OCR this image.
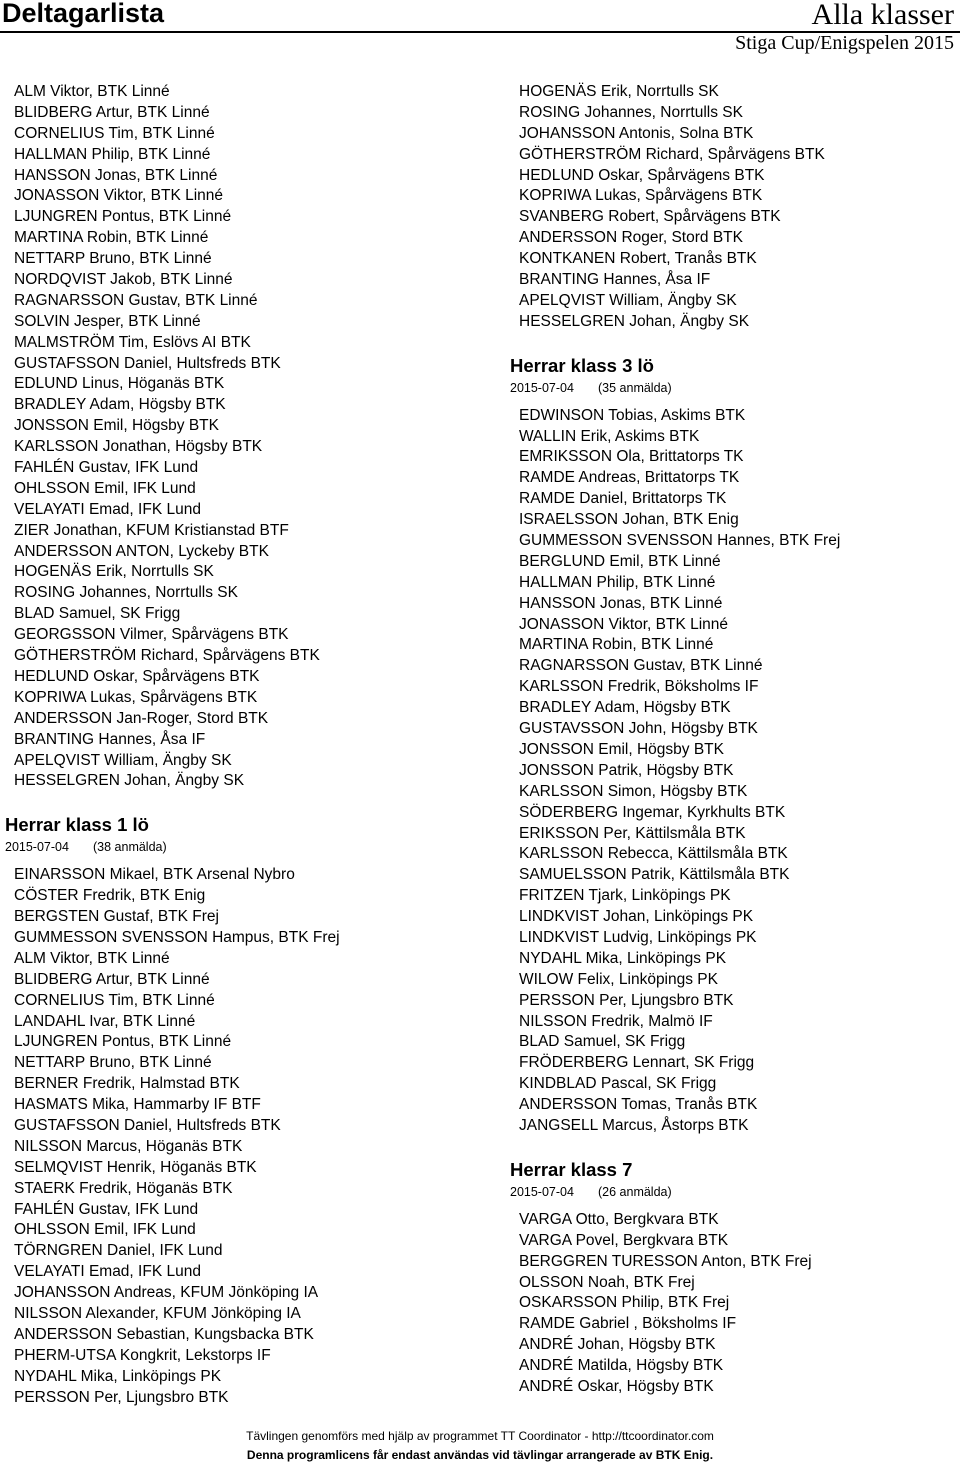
Deltagarlista	Alla klasser
Stiga Cup/Enigspelen 2015
ALM Viktor, BTK Linné
BLIDBERG Artur, BTK Linné
CORNELIUS Tim, BTK Linné
HALLMAN Philip, BTK Linné
HANSSON Jonas, BTK Linné
JONASSON Viktor, BTK Linné
LJUNGREN Pontus, BTK Linné
MARTINA Robin, BTK Linné
NETTARP Bruno, BTK Linné
NORDQVIST Jakob, BTK Linné
RAGNARSSON Gustav, BTK Linné
SOLVIN Jesper, BTK Linné
MALMSTRÖM Tim, Eslövs AI BTK
GUSTAFSSON Daniel, Hultsfreds BTK
EDLUND Linus, Höganäs BTK
BRADLEY Adam, Högsby BTK
JONSSON Emil, Högsby BTK
KARLSSON Jonathan, Högsby BTK
FAHLÉN Gustav, IFK Lund
OHLSSON Emil, IFK Lund
VELAYATI Emad, IFK Lund
ZIER Jonathan, KFUM Kristianstad BTF
ANDERSSON ANTON, Lyckeby BTK
HOGENÄS Erik, Norrtulls SK
ROSING Johannes, Norrtulls SK
BLAD Samuel, SK Frigg
GEORGSSON Vilmer, Spårvägens BTK
GÖTHERSTRÖM Richard, Spårvägens BTK
HEDLUND Oskar, Spårvägens BTK
KOPRIWA Lukas, Spårvägens BTK
ANDERSSON Jan-Roger, Stord BTK
BRANTING Hannes, Åsa IF
APELQVIST William, Ängby SK
HESSELGREN Johan, Ängby SK
Herrar klass 1 lö
2015-07-04 (38 anmälda)
EINARSSON Mikael, BTK Arsenal Nybro
CÖSTER Fredrik, BTK Enig
BERGSTEN Gustaf, BTK Frej
GUMMESSON SVENSSON Hampus, BTK Frej
ALM Viktor, BTK Linné
BLIDBERG Artur, BTK Linné
CORNELIUS Tim, BTK Linné
LANDAHL Ivar, BTK Linné
LJUNGREN Pontus, BTK Linné
NETTARP Bruno, BTK Linné
BERNER Fredrik, Halmstad BTK
HASMATS Mika, Hammarby IF BTF
GUSTAFSSON Daniel, Hultsfreds BTK
NILSSON Marcus, Höganäs BTK
SELMQVIST Henrik, Höganäs BTK
STAERK Fredrik, Höganäs BTK
FAHLÉN Gustav, IFK Lund
OHLSSON Emil, IFK Lund
TÖRNGREN Daniel, IFK Lund
VELAYATI Emad, IFK Lund
JOHANSSON Andreas, KFUM Jönköping IA
NILSSON Alexander, KFUM Jönköping IA
ANDERSSON Sebastian, Kungsbacka BTK
PHERM-UTSA Kongkrit, Lekstorps IF
NYDAHL Mika, Linköpings PK
PERSSON Per, Ljungsbro BTK
HOGENÄS Erik, Norrtulls SK
ROSING Johannes, Norrtulls SK
JOHANSSON Antonis, Solna BTK
GÖTHERSTRÖM Richard, Spårvägens BTK
HEDLUND Oskar, Spårvägens BTK
KOPRIWA Lukas, Spårvägens BTK
SVANBERG Robert, Spårvägens BTK
ANDERSSON Roger, Stord BTK
KONTKANEN Robert, Tranås BTK
BRANTING Hannes, Åsa IF
APELQVIST William, Ängby SK
HESSELGREN Johan, Ängby SK
Herrar klass 3 lö
2015-07-04 (35 anmälda)
EDWINSON Tobias, Askims BTK
WALLIN Erik, Askims BTK
EMRIKSSON Ola, Brittatorps TK
RAMDE Andreas, Brittatorps TK
RAMDE Daniel, Brittatorps TK
ISRAELSSON Johan, BTK Enig
GUMMESSON SVENSSON Hannes, BTK Frej
BERGLUND Emil, BTK Linné
HALLMAN Philip, BTK Linné
HANSSON Jonas, BTK Linné
JONASSON Viktor, BTK Linné
MARTINA Robin, BTK Linné
RAGNARSSON Gustav, BTK Linné
KARLSSON Fredrik, Böksholms IF
BRADLEY Adam, Högsby BTK
GUSTAVSSON John, Högsby BTK
JONSSON Emil, Högsby BTK
JONSSON Patrik, Högsby BTK
KARLSSON Simon, Högsby BTK
SÖDERBERG Ingemar, Kyrkhults BTK
ERIKSSON Per, Kättilsmåla BTK
KARLSSON Rebecca, Kättilsmåla BTK
SAMUELSSON Patrik, Kättilsmåla BTK
FRITZEN Tjark, Linköpings PK
LINDKVIST Johan, Linköpings PK
LINDKVIST Ludvig, Linköpings PK
NYDAHL Mika, Linköpings PK
WILOW Felix, Linköpings PK
PERSSON Per, Ljungsbro BTK
NILSSON Fredrik, Malmö IF
BLAD Samuel, SK Frigg
FRÖDERBERG Lennart, SK Frigg
KINDBLAD Pascal, SK Frigg
ANDERSSON Tomas, Tranås BTK
JANGSELL Marcus, Åstorps BTK
Herrar klass 7
2015-07-04 (26 anmälda)
VARGA Otto, Bergkvara BTK
VARGA Povel, Bergkvara BTK
BERGGREN TURESSON Anton, BTK Frej
OLSSON Noah, BTK Frej
OSKARSSON Philip, BTK Frej
RAMDE Gabriel , Böksholms IF
ANDRÉ Johan, Högsby BTK
ANDRÉ Matilda, Högsby BTK
ANDRÉ Oskar, Högsby BTK
Tävlingen genomförs med hjälp av programmet TT Coordinator - http://ttcoordinator.com
Denna programlicens får endast användas vid tävlingar arrangerade av BTK Enig.
